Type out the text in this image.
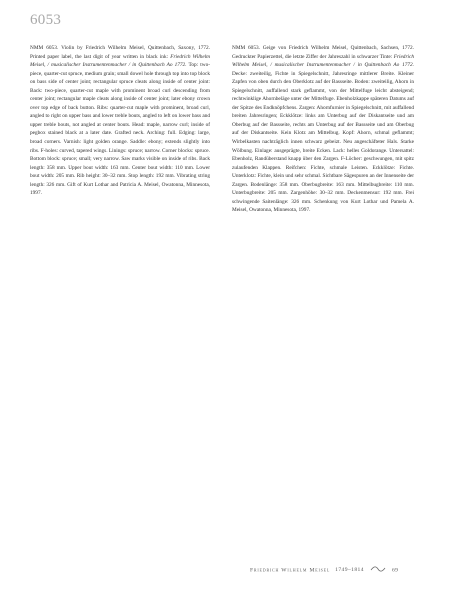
6053
NMM 6053. Violin by Friedrich Wilhelm Meisel, Quittenbach, Saxony, 1772. Printed paper label, the last digit of year written in black ink: Friedrich Wilhelm Meisel, / musicalischer Instrumentenmacher / in Quittenbach Ao 1772. Top: two-piece, quarter-cut spruce, medium grain; small dowel hole through top into top block on bass side of center joint; rectangular spruce cleats along inside of center joint: Back: two-piece, quarter-cut maple with prominent broad curl descending from center joint; rectangular maple cleats along inside of center joint; later ebony crown over top edge of back button. Ribs: quarter-cut maple with prominent, broad curl, angled to right on upper bass and lower treble bouts, angled to left on lower bass and upper treble bouts, not angled at center bouts. Head: maple, narrow curl; inside of pegbox stained black at a later date. Grafted neck. Arching: full. Edging: large, broad corners. Varnish: light golden orange. Saddle: ebony; extends slightly into ribs. F-holes: curved, tapered wings. Linings: spruce; narrow. Corner blocks: spruce. Bottom block: spruce; small; very narrow. Saw marks visible on inside of ribs. Back length: 358 mm. Upper bout width: 163 mm. Center bout width: 110 mm. Lower bout width: 205 mm. Rib height: 30–32 mm. Stop length: 192 mm. Vibrating string length: 326 mm. Gift of Kurt Lothar and Patricia A. Meisel, Owatonna, Minnesota, 1997.
NMM 6053. Geige von Friedrich Wilhelm Meisel, Quittenbach, Sachsen, 1772. Gedruckter Papierzettel, die letzte Ziffer der Jahreszahl in schwarzer Tinte: Friedrich Wilhelm Meisel, / musicalischer Instrumentenmacher / in Quittenbach Ao 1772. Decke: zweiteilig, Fichte in Spiegelschnitt, Jahresringe mittlerer Breite. Kleiner Zapfen von oben durch den Oberklotz auf der Bassseite. Boden: zweiteilig, Ahorn in Spiegelschnitt, auffallend stark geflammt, von der Mittelfuge leicht absteigend; rechtwinklige Ahornbeläge unter der Mittelfuge. Ebenholzkappe späteren Datums auf der Spitze des Endknöpfchens. Zargen: Ahornfurnier in Spiegelschnitt, mit auffallend breiten Jahresringen; Eckklötze: links am Unterbug auf der Diskantseite und am Oberbug auf der Bassseite, rechts am Unterbug auf der Bassseite und am Oberbug auf der Diskantseite. Kein Klotz am Mittelbug. Kopf: Ahorn, schmal geflammt; Wirbelkasten nachträglich innen schwarz gebeizt. Neu angeschäfteter Hals. Starke Wölbung. Einlage: ausgeprägte, breite Ecken. Lack: helles Goldorange. Untersattel: Ebenholz, Randüberstand knapp über den Zargen. F-Löcher: geschwungen, mit spitz zulaufenden Klappen. Reifchen: Fichte, schmale Leisten. Eckklötze: Fichte. Unterklotz: Fichte, klein und sehr schmal. Sichtbare Sägespuren an der Innenseite der Zargen. Bodenlänge: 358 mm. Oberbugbreite: 163 mm. Mittelbugbreite: 110 mm. Unterbugbreite: 205 mm. Zargenhöhe: 30–32 mm. Deckenmensur: 192 mm. Frei schwingende Saitenlänge: 326 mm. Schenkung von Kurt Lothar und Pamela A. Meisel, Owatonna, Minnesota, 1997.
Friedrich Wilhelm Meisel 1749–1814	69
